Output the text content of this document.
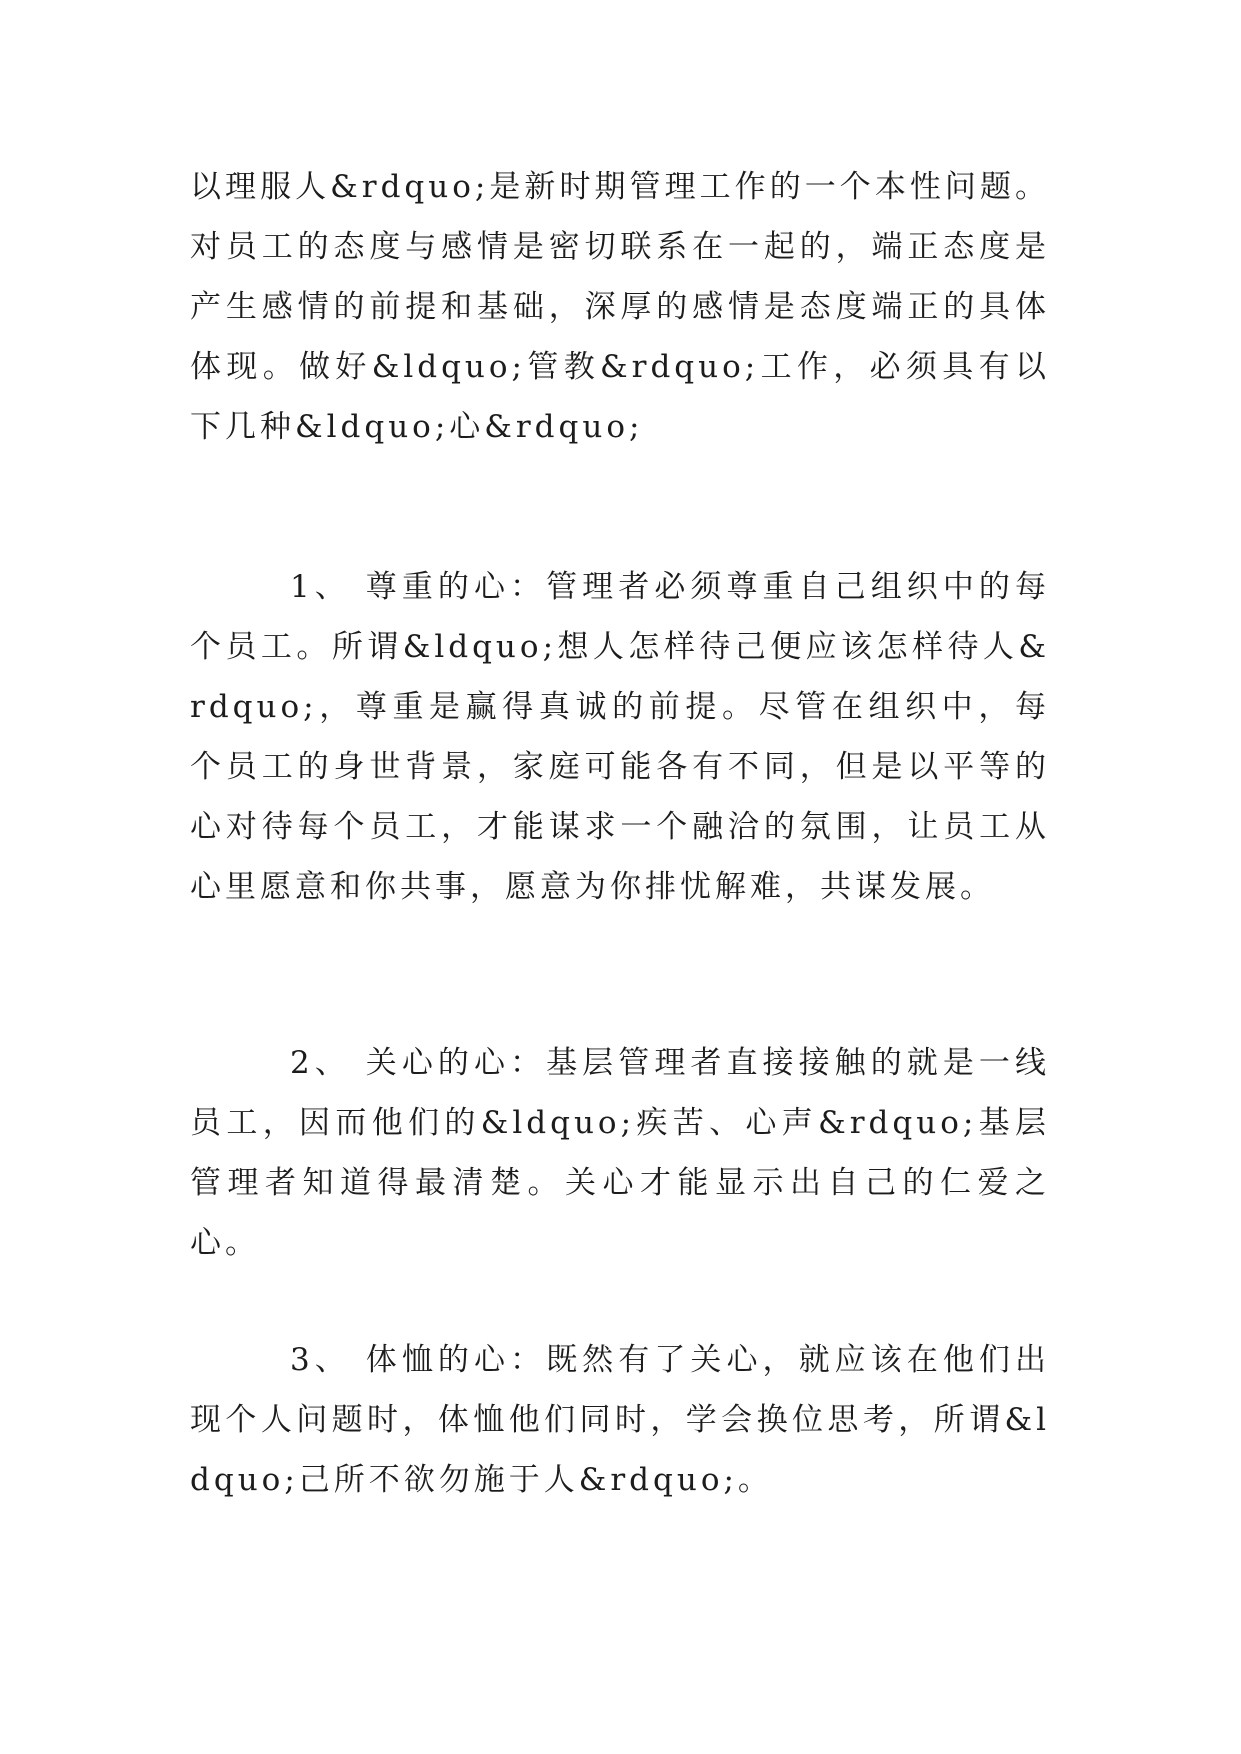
以理服人&rdquo;是新时期管理工作的一个本性问题。对员工的态度与感情是密切联系在一起的，端正态度是产生感情的前提和基础，深厚的感情是态度端正的具体体现。做好&ldquo;管教&rdquo;工作，必须具有以下几种&ldquo;心&rdquo;

1、 尊重的心：管理者必须尊重自己组织中的每个员工。所谓&ldquo;想人怎样待己便应该怎样待人&rdquo;，尊重是赢得真诚的前提。尽管在组织中，每个员工的身世背景，家庭可能各有不同，但是以平等的心对待每个员工，才能谋求一个融洽的氛围，让员工从心里愿意和你共事，愿意为你排忧解难，共谋发展。

2、 关心的心：基层管理者直接接触的就是一线员工，因而他们的&ldquo;疾苦、心声&rdquo;基层管理者知道得最清楚。关心才能显示出自己的仁爱之心。

3、 体恤的心：既然有了关心，就应该在他们出现个人问题时，体恤他们同时，学会换位思考，所谓&ldquo;己所不欲勿施于人&rdquo;。
